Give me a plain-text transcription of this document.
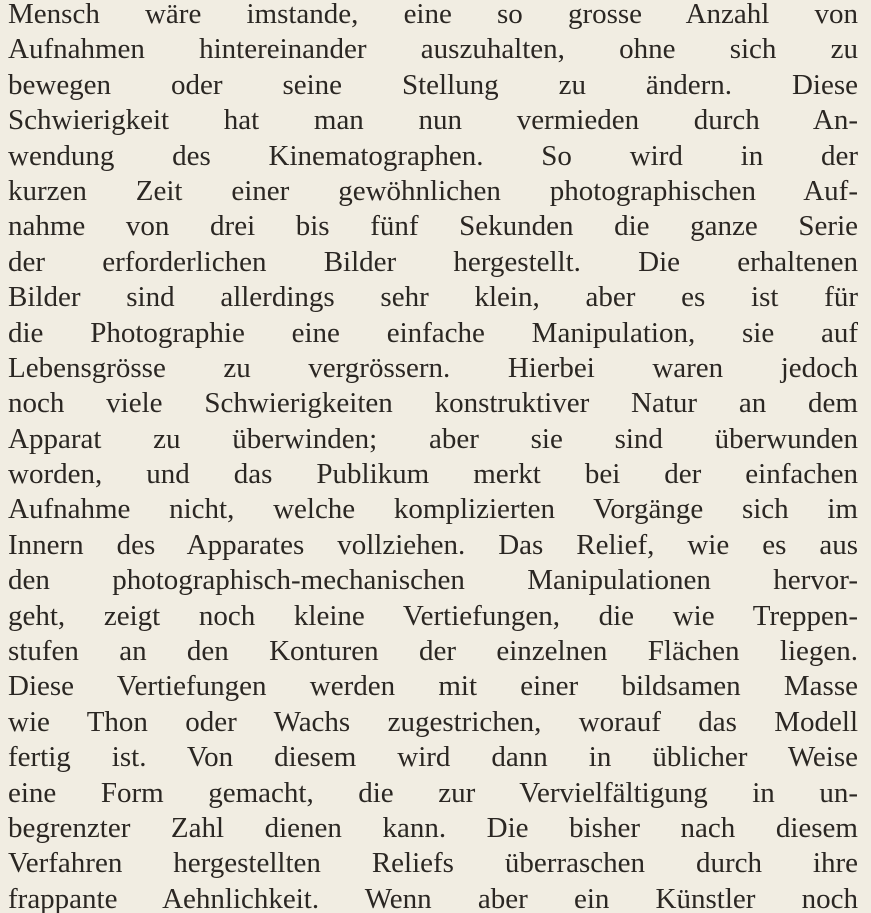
Mensch wäre imstande, eine so grosse Anzahl von
Aufnahmen hintereinander auszuhalten, ohne sich zu
bewegen oder seine Stellung zu ändern. Diese
Schwierigkeit hat man nun vermieden durch An-
wendung des Kinematographen. So wird in der
kurzen Zeit einer gewöhnlichen photographischen Auf-
nahme von drei bis fünf Sekunden die ganze Serie
der erforderlichen Bilder hergestellt. Die erhaltenen
Bilder sind allerdings sehr klein, aber es ist für
die Photographie eine einfache Manipulation, sie auf
Lebensgrösse zu vergrössern. Hierbei waren jedoch
noch viele Schwierigkeiten konstruktiver Natur an dem
Apparat zu überwinden; aber sie sind überwunden
worden, und das Publikum merkt bei der einfachen
Aufnahme nicht, welche komplizierten Vorgänge sich im
Innern des Apparates vollziehen. Das Relief, wie es aus
den photographisch-mechanischen Manipulationen hervor-
geht, zeigt noch kleine Vertiefungen, die wie Treppen-
stufen an den Konturen der einzelnen Flächen liegen.
Diese Vertiefungen werden mit einer bildsamen Masse
wie Thon oder Wachs zugestrichen, worauf das Modell
fertig ist. Von diesem wird dann in üblicher Weise
eine Form gemacht, die zur Vervielfältigung in un-
begrenzter Zahl dienen kann. Die bisher nach diesem
Verfahren hergestellten Reliefs überraschen durch ihre
frappante Aehnlichkeit. Wenn aber ein Künstler noch
